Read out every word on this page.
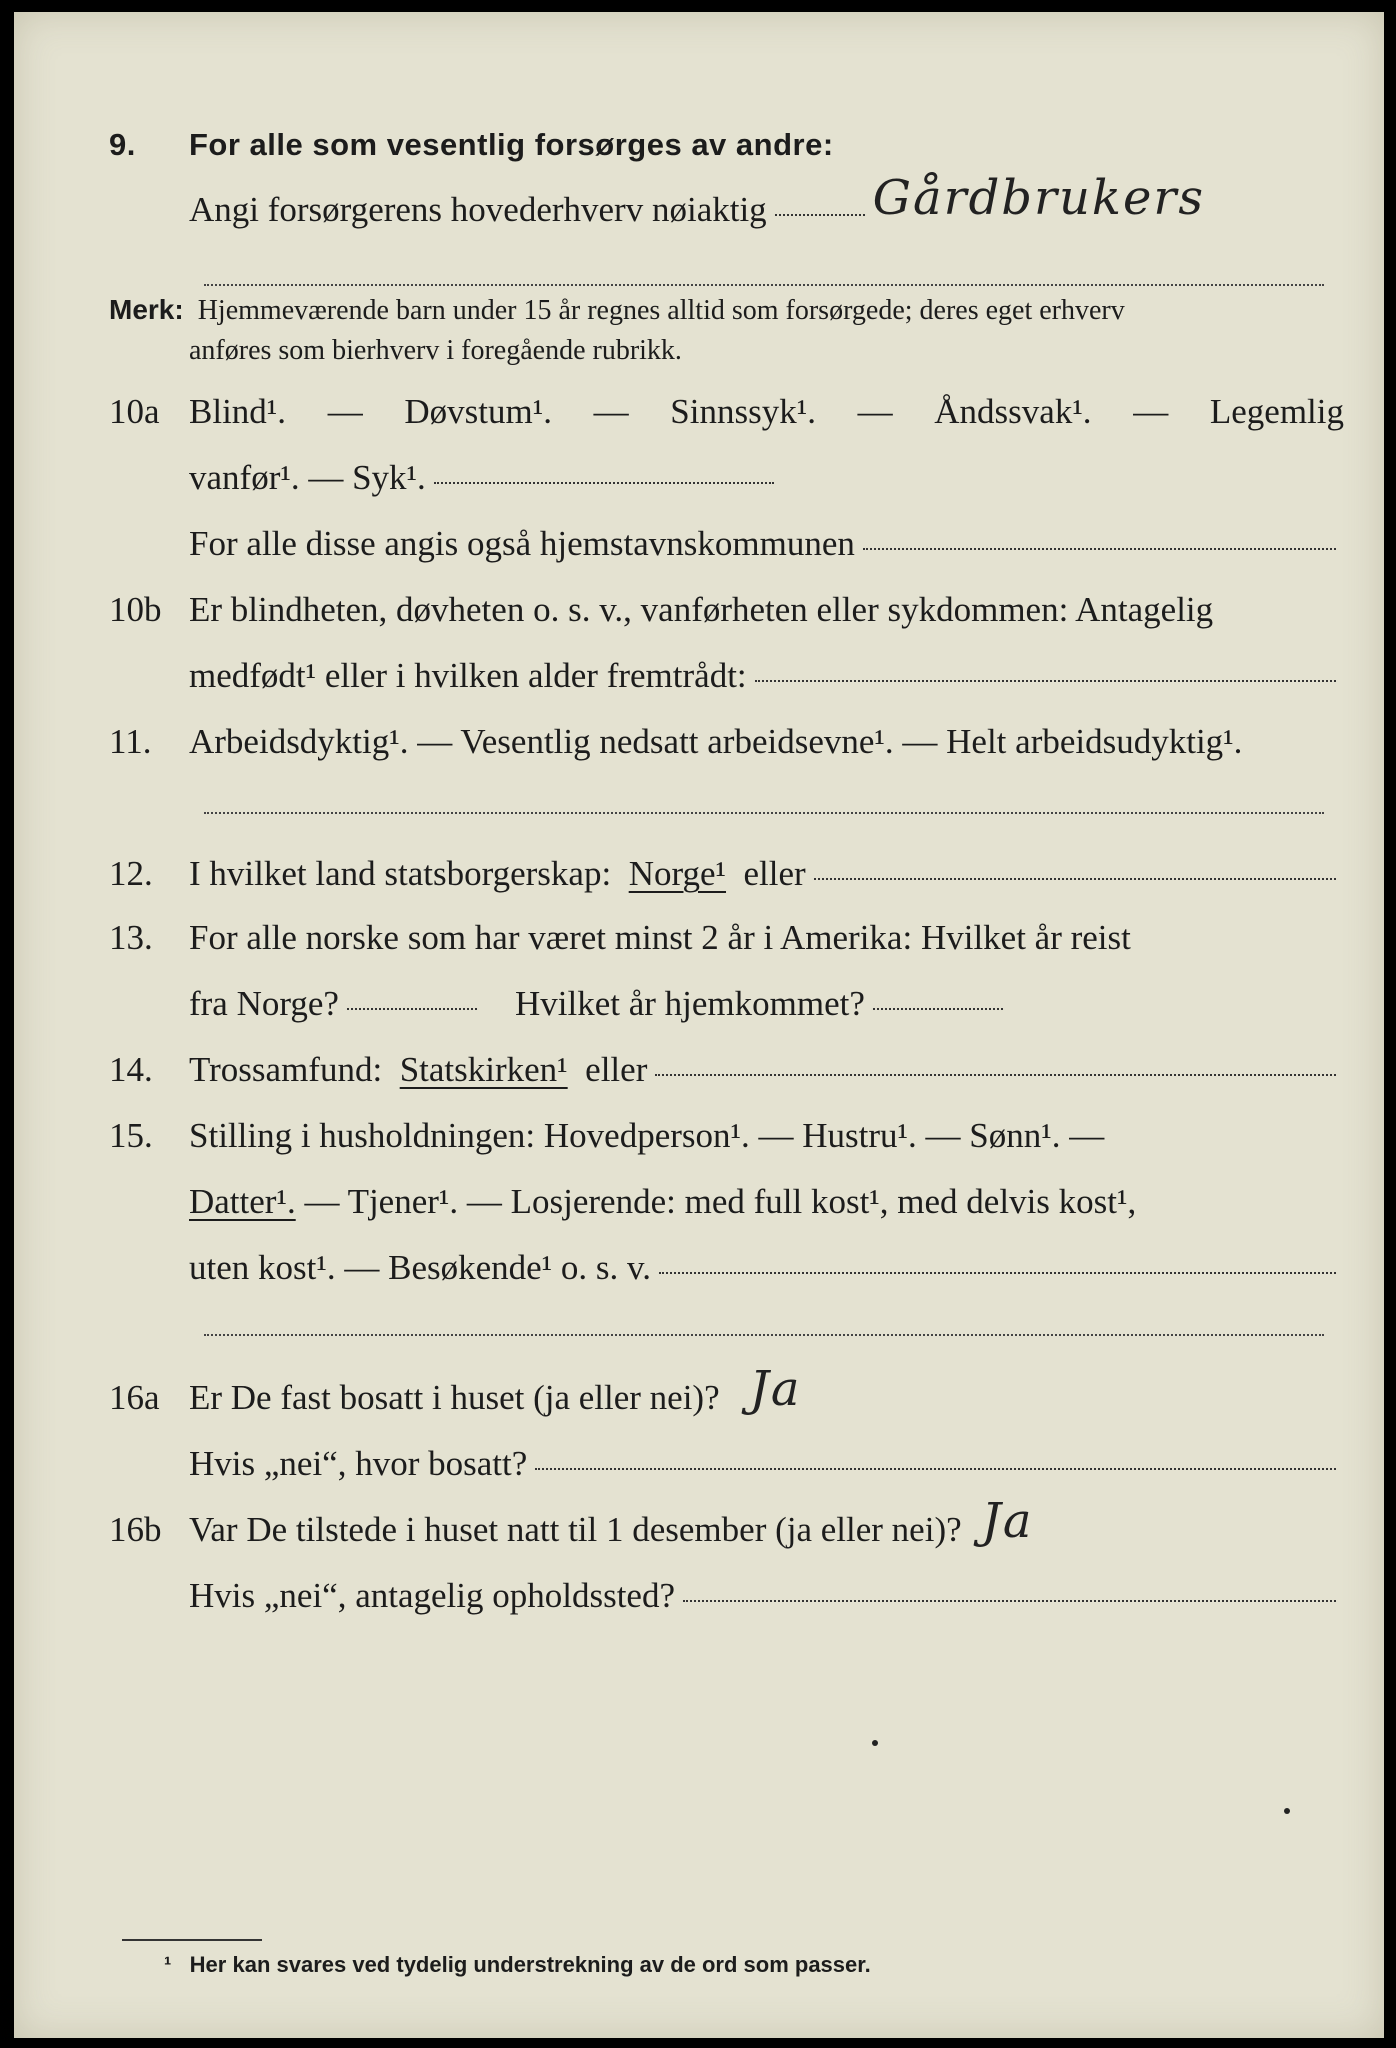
9.	For alle som vesentlig forsørges av andre:
Angi forsørgerens hovederhverv nøiaktig Gårdbrukers
Merk: Hjemmeværende barn under 15 år regnes alltid som forsørgede; deres eget erhverv
anføres som bierhverv i foregående rubrikk.
10a Blind¹. — Døvstum¹. — Sinnssyk¹. — Åndssvak¹. — Legemlig
vanfør¹. — Syk¹.
For alle disse angis også hjemstavnskommunen
10b Er blindheten, døvheten o. s. v., vanførheten eller sykdommen: Antagelig
medfødt¹ eller i hvilken alder fremtrådt:
11.	Arbeidsdyktig¹. — Vesentlig nedsatt arbeidsevne¹. — Helt arbeidsudyktig¹.
12.	I hvilket land statsborgerskap:
Norge¹
eller
13.	For alle norske som har været minst 2 år i Amerika: Hvilket år reist
fra Norge?	Hvilket år hjemkommet?
14.	Trossamfund:
Statskirken¹
eller
15.	Stilling i husholdningen: Hovedperson¹. — Hustru¹. — Sønn¹. —
Datter¹.
— Tjener¹. — Losjerende: med full kost¹, med delvis kost¹,
uten kost¹. — Besøkende¹ o. s. v.
16a Er De fast bosatt i huset (ja eller nei)? Ja
Hvis „nei“, hvor bosatt?
16b Var De tilstede i huset natt til 1 desember (ja eller nei)? Ja
Hvis „nei“, antagelig opholdssted?
¹ Her kan svares ved tydelig understrekning av de ord som passer.
